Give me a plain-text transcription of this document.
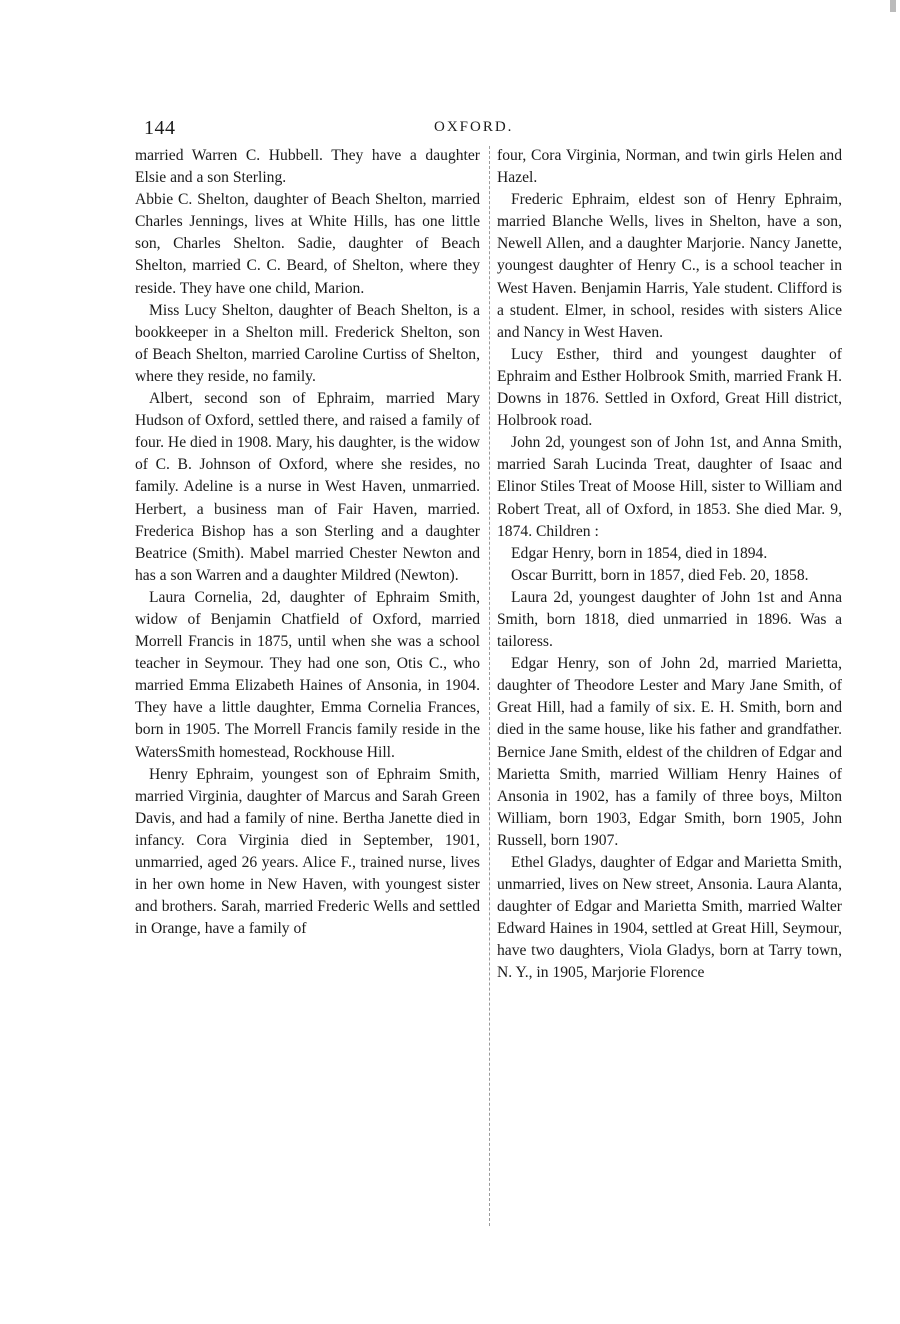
144	OXFORD.

married Warren C. Hubbell. They have a daughter Elsie and a son Sterling.

Abbie C. Shelton, daughter of Beach Shelton, married Charles Jennings, lives at White Hills, has one little son, Charles Shelton. Sadie, daughter of Beach Shelton, married C. C. Beard, of Shelton, where they reside. They have one child, Marion.

Miss Lucy Shelton, daughter of Beach Shelton, is a bookkeeper in a Shelton mill. Frederick Shelton, son of Beach Shelton, married Caroline Curtiss of Shelton, where they reside, no family.

Albert, second son of Ephraim, married Mary Hudson of Oxford, settled there, and raised a family of four. He died in 1908. Mary, his daughter, is the widow of C. B. Johnson of Oxford, where she resides, no family. Adeline is a nurse in West Haven, unmarried. Herbert, a business man of Fair Haven, married. Frederica Bishop has a son Sterling and a daughter Beatrice (Smith). Mabel married Chester Newton and has a son Warren and a daughter Mildred (Newton).

Laura Cornelia, 2d, daughter of Ephraim Smith, widow of Benjamin Chatfield of Oxford, married Morrell Francis in 1875, until when she was a school teacher in Seymour. They had one son, Otis C., who married Emma Elizabeth Haines of Ansonia, in 1904. They have a little daughter, Emma Cornelia Frances, born in 1905. The Morrell Francis family reside in the WatersSmith homestead, Rockhouse Hill.

Henry Ephraim, youngest son of Ephraim Smith, married Virginia, daughter of Marcus and Sarah Green Davis, and had a family of nine. Bertha Janette died in infancy. Cora Virginia died in September, 1901, unmarried, aged 26 years. Alice F., trained nurse, lives in her own home in New Haven, with youngest sister and brothers. Sarah, married Frederic Wells and settled in Orange, have a family of

four, Cora Virginia, Norman, and twin girls Helen and Hazel.

Frederic Ephraim, eldest son of Henry Ephraim, married Blanche Wells, lives in Shelton, have a son, Newell Allen, and a daughter Marjorie. Nancy Janette, youngest daughter of Henry C., is a school teacher in West Haven. Benjamin Harris, Yale student. Clifford is a student. Elmer, in school, resides with sisters Alice and Nancy in West Haven.

Lucy Esther, third and youngest daughter of Ephraim and Esther Holbrook Smith, married Frank H. Downs in 1876. Settled in Oxford, Great Hill district, Holbrook road.

John 2d, youngest son of John 1st, and Anna Smith, married Sarah Lucinda Treat, daughter of Isaac and Elinor Stiles Treat of Moose Hill, sister to William and Robert Treat, all of Oxford, in 1853. She died Mar. 9, 1874. Children :

Edgar Henry, born in 1854, died in 1894.

Oscar Burritt, born in 1857, died Feb. 20, 1858.

Laura 2d, youngest daughter of John 1st and Anna Smith, born 1818, died unmarried in 1896. Was a tailoress.

Edgar Henry, son of John 2d, married Marietta, daughter of Theodore Lester and Mary Jane Smith, of Great Hill, had a family of six. E. H. Smith, born and died in the same house, like his father and grandfather. Bernice Jane Smith, eldest of the children of Edgar and Marietta Smith, married William Henry Haines of Ansonia in 1902, has a family of three boys, Milton William, born 1903, Edgar Smith, born 1905, John Russell, born 1907.

Ethel Gladys, daughter of Edgar and Marietta Smith, unmarried, lives on New street, Ansonia. Laura Alanta, daughter of Edgar and Marietta Smith, married Walter Edward Haines in 1904, settled at Great Hill, Seymour, have two daughters, Viola Gladys, born at Tarry town, N. Y., in 1905, Marjorie Florence
